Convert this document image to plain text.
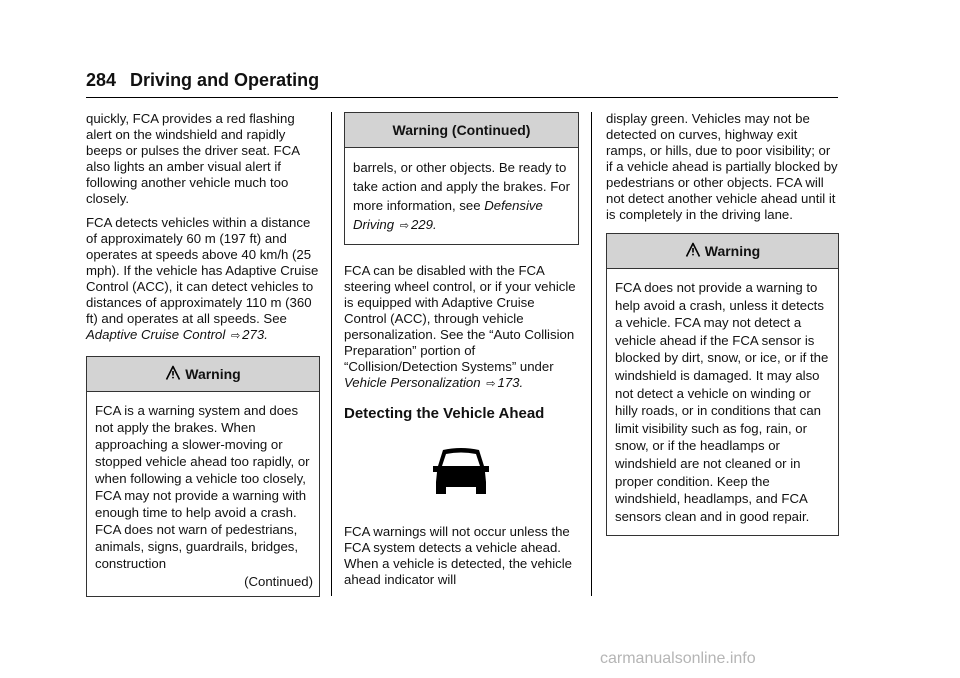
284 Driving and Operating

quickly, FCA provides a red flashing alert on the windshield and rapidly beeps or pulses the driver seat. FCA also lights an amber visual alert if following another vehicle much too closely.

FCA detects vehicles within a distance of approximately 60 m (197 ft) and operates at speeds above 40 km/h (25 mph). If the vehicle has Adaptive Cruise Control (ACC), it can detect vehicles to distances of approximately 110 m (360 ft) and operates at all speeds. See Adaptive Cruise Control ⇨ 273.

Warning

FCA is a warning system and does not apply the brakes. When approaching a slower-moving or stopped vehicle ahead too rapidly, or when following a vehicle too closely, FCA may not provide a warning with enough time to help avoid a crash. FCA does not warn of pedestrians, animals, signs, guardrails, bridges, construction

(Continued)
Warning (Continued)

barrels, or other objects. Be ready to take action and apply the brakes. For more information, see Defensive Driving ⇨ 229.

FCA can be disabled with the FCA steering wheel control, or if your vehicle is equipped with Adaptive Cruise Control (ACC), through vehicle personalization. See the “Auto Collision Preparation” portion of “Collision/Detection Systems” under Vehicle Personalization ⇨ 173.

Detecting the Vehicle Ahead

FCA warnings will not occur unless the FCA system detects a vehicle ahead. When a vehicle is detected, the vehicle ahead indicator will

display green. Vehicles may not be detected on curves, highway exit ramps, or hills, due to poor visibility; or if a vehicle ahead is partially blocked by pedestrians or other objects. FCA will not detect another vehicle ahead until it is completely in the driving lane.

Warning

FCA does not provide a warning to help avoid a crash, unless it detects a vehicle. FCA may not detect a vehicle ahead if the FCA sensor is blocked by dirt, snow, or ice, or if the windshield is damaged. It may also not detect a vehicle on winding or hilly roads, or in conditions that can limit visibility such as fog, rain, or snow, or if the headlamps or windshield are not cleaned or in proper condition. Keep the windshield, headlamps, and FCA sensors clean and in good repair.

carmanualsonline.info
